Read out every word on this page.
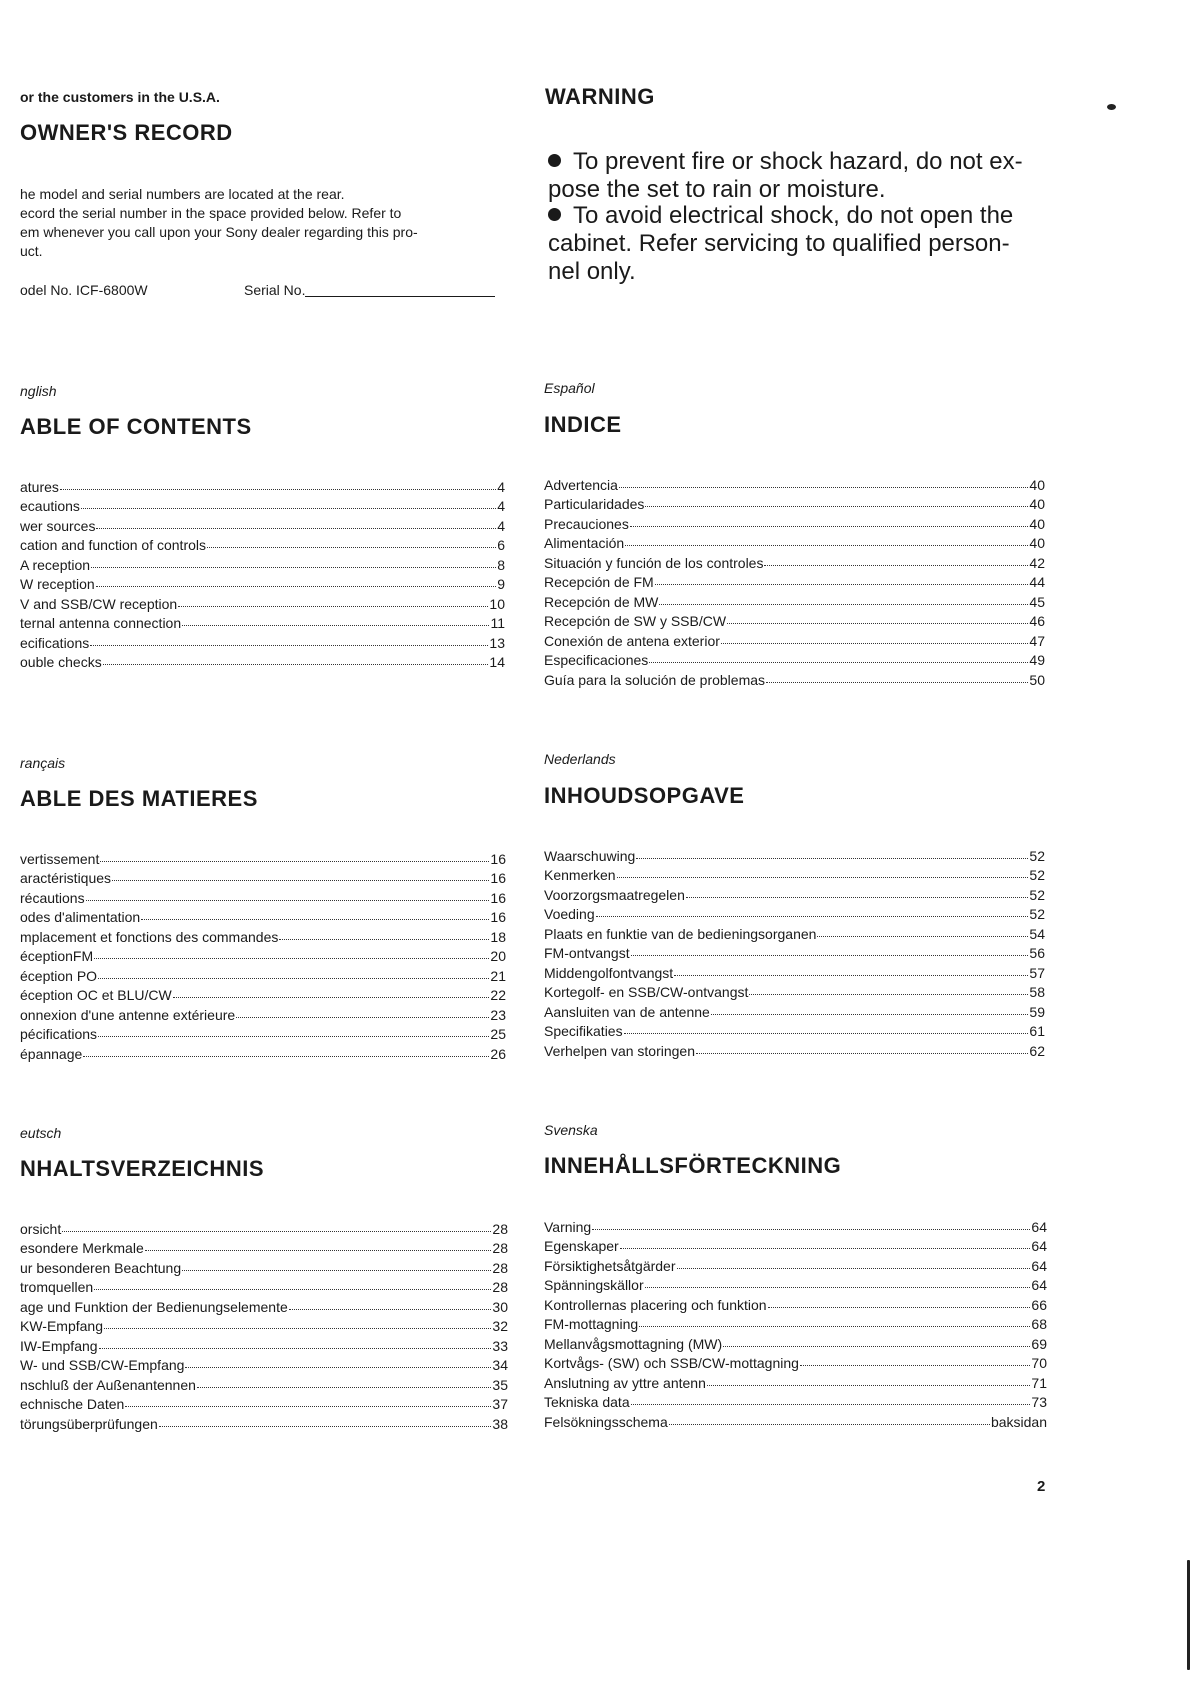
or the customers in the U.S.A.
OWNER'S RECORD
he model and serial numbers are located at the rear.
ecord the serial number in the space provided below. Refer to
em whenever you call upon your Sony dealer regarding this pro-
uct.
odel No. ICF-6800W	Serial No.
WARNING
To prevent fire or shock hazard, do not ex- pose the set to rain or moisture.
To avoid electrical shock, do not open the cabinet. Refer servicing to qualified person- nel only.
nglish
ABLE OF CONTENTS
atures	4
ecautions	4
wer sources	4
cation and function of controls	6
A reception	8
W reception	9
V and SSB/CW reception	10
ternal antenna connection	11
ecifications	13
ouble checks	14
Español
INDICE
Advertencia	40
Particularidades	40
Precauciones	40
Alimentación	40
Situación y función de los controles	42
Recepción de FM	44
Recepción de MW	45
Recepción de SW y SSB/CW	46
Conexión de antena exterior	47
Especificaciones	49
Guía para la solución de problemas	50
rançais
ABLE DES MATIERES
vertissement	16
aractéristiques	16
récautions	16
odes d'alimentation	16
mplacement et fonctions des commandes	18
éceptionFM	20
éception PO	21
éception OC et BLU/CW	22
onnexion d'une antenne extérieure	23
pécifications	25
épannage	26
Nederlands
INHOUDSOPGAVE
Waarschuwing	52
Kenmerken	52
Voorzorgsmaatregelen	52
Voeding	52
Plaats en funktie van de bedieningsorganen	54
FM-ontvangst	56
Middengolfontvangst	57
Kortegolf- en SSB/CW-ontvangst	58
Aansluiten van de antenne	59
Specifikaties	61
Verhelpen van storingen	62
eutsch
NHALTSVERZEICHNIS
orsicht	28
esondere Merkmale	28
ur besonderen Beachtung	28
tromquellen	28
age und Funktion der Bedienungselemente	30
KW-Empfang	32
IW-Empfang	33
W- und SSB/CW-Empfang	34
nschluß der Außenantennen	35
echnische Daten	37
törungsüberprüfungen	38
Svenska
INNEHÅLLSFÖRTECKNING
Varning	64
Egenskaper	64
Försiktighetsåtgärder	64
Spänningskällor	64
Kontrollernas placering och funktion	66
FM-mottagning	68
Mellanvågsmottagning (MW)	69
Kortvågs- (SW) och SSB/CW-mottagning	70
Anslutning av yttre antenn	71
Tekniska data	73
Felsökningsschema	baksidan
2
